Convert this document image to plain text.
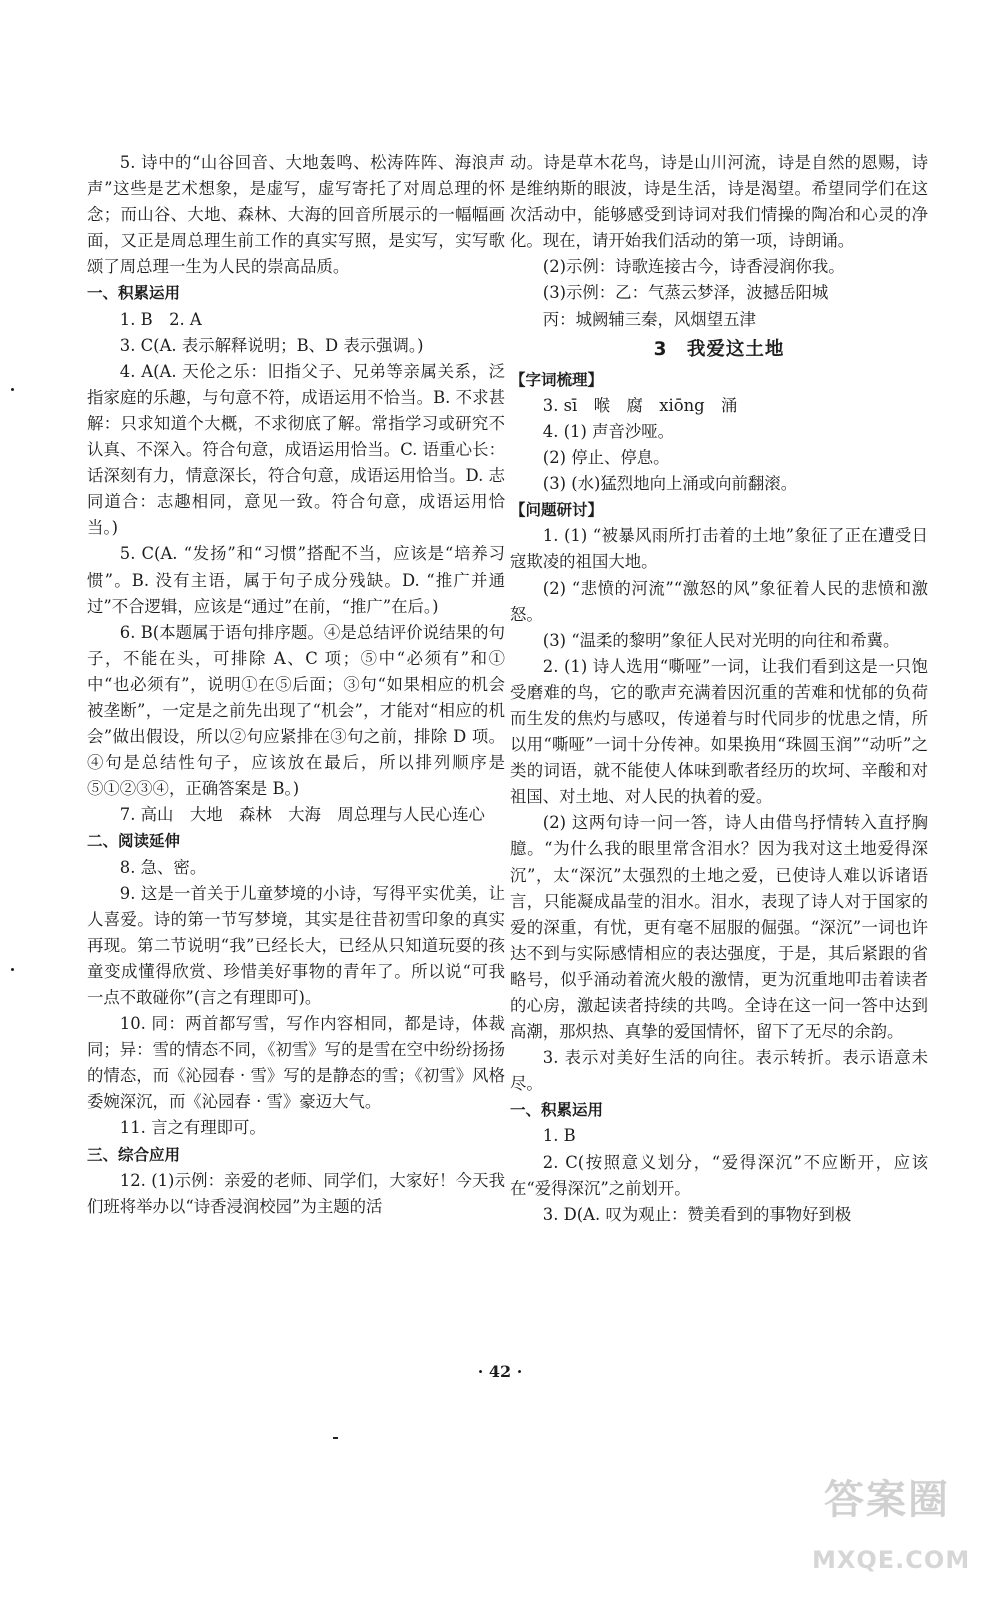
5. 诗中的“山谷回音、大地轰鸣、松涛阵阵、海浪声声”这些是艺术想象，是虚写，虚写寄托了对周总理的怀念；而山谷、大地、森林、大海的回音所展示的一幅幅画面，又正是周总理生前工作的真实写照，是实写，实写歌颂了周总理一生为人民的崇高品质。

一、积累运用

1. B　2. A

3. C(A. 表示解释说明；B、D 表示强调。)

4. A(A. 天伦之乐：旧指父子、兄弟等亲属关系，泛指家庭的乐趣，与句意不符，成语运用不恰当。B. 不求甚解：只求知道个大概，不求彻底了解。常指学习或研究不认真、不深入。符合句意，成语运用恰当。C. 语重心长：话深刻有力，情意深长，符合句意，成语运用恰当。D. 志同道合：志趣相同，意见一致。符合句意，成语运用恰当。)

5. C(A. “发扬”和“习惯”搭配不当，应该是“培养习惯”。B. 没有主语，属于句子成分残缺。D. “推广并通过”不合逻辑，应该是“通过”在前，“推广”在后。)

6. B(本题属于语句排序题。④是总结评价说结果的句子，不能在头，可排除 A、C 项；⑤中“必须有”和①中“也必须有”，说明①在⑤后面；③句“如果相应的机会被垄断”，一定是之前先出现了“机会”，才能对“相应的机会”做出假设，所以②句应紧排在③句之前，排除 D 项。④句是总结性句子，应该放在最后，所以排列顺序是⑤①②③④，正确答案是 B。)

7. 高山　大地　森林　大海　周总理与人民心连心

二、阅读延伸

8. 急、密。

9. 这是一首关于儿童梦境的小诗，写得平实优美，让人喜爱。诗的第一节写梦境，其实是往昔初雪印象的真实再现。第二节说明“我”已经长大，已经从只知道玩耍的孩童变成懂得欣赏、珍惜美好事物的青年了。所以说“可我一点不敢碰你”(言之有理即可)。

10. 同：两首都写雪，写作内容相同，都是诗，体裁同；异：雪的情态不同，《初雪》写的是雪在空中纷纷扬扬的情态，而《沁园春 · 雪》写的是静态的雪；《初雪》风格委婉深沉，而《沁园春 · 雪》豪迈大气。

11. 言之有理即可。

三、综合应用

12. (1)示例：亲爱的老师、同学们，大家好！今天我们班将举办以“诗香浸润校园”为主题的活

动。诗是草木花鸟，诗是山川河流，诗是自然的恩赐，诗是维纳斯的眼波，诗是生活，诗是渴望。希望同学们在这次活动中，能够感受到诗词对我们情操的陶冶和心灵的净化。现在，请开始我们活动的第一项，诗朗诵。

(2)示例：诗歌连接古今，诗香浸润你我。

(3)示例：乙：气蒸云梦泽，波撼岳阳城

丙：城阙辅三秦，风烟望五津

3　我爱这土地

【字词梳理】

3. sī　喉　腐　xiōng　涌

4. (1) 声音沙哑。

(2) 停止、停息。

(3) (水)猛烈地向上涌或向前翻滚。

【问题研讨】

1. (1) “被暴风雨所打击着的土地”象征了正在遭受日寇欺凌的祖国大地。

(2) “悲愤的河流”“激怒的风”象征着人民的悲愤和激怒。

(3) “温柔的黎明”象征人民对光明的向往和希冀。

2. (1) 诗人选用“嘶哑”一词，让我们看到这是一只饱受磨难的鸟，它的歌声充满着因沉重的苦难和忧郁的负荷而生发的焦灼与感叹，传递着与时代同步的忧患之情，所以用“嘶哑”一词十分传神。如果换用“珠圆玉润”“动听”之类的词语，就不能使人体味到歌者经历的坎坷、辛酸和对祖国、对土地、对人民的执着的爱。

(2) 这两句诗一问一答，诗人由借鸟抒情转入直抒胸臆。“为什么我的眼里常含泪水？因为我对这土地爱得深沉”，太“深沉”太强烈的土地之爱，已使诗人难以诉诸语言，只能凝成晶莹的泪水。泪水，表现了诗人对于国家的爱的深重，有忧，更有毫不屈服的倔强。“深沉”一词也许达不到与实际感情相应的表达强度，于是，其后紧跟的省略号，似乎涌动着流火般的激情，更为沉重地叩击着读者的心房，激起读者持续的共鸣。全诗在这一问一答中达到高潮，那炽热、真挚的爱国情怀，留下了无尽的余韵。

3. 表示对美好生活的向往。表示转折。表示语意未尽。

一、积累运用

1. B

2. C(按照意义划分，“爱得深沉”不应断开，应该在“爱得深沉”之前划开。

3. D(A. 叹为观止：赞美看到的事物好到极

· 42 ·
答案圈
MXQE.COM
